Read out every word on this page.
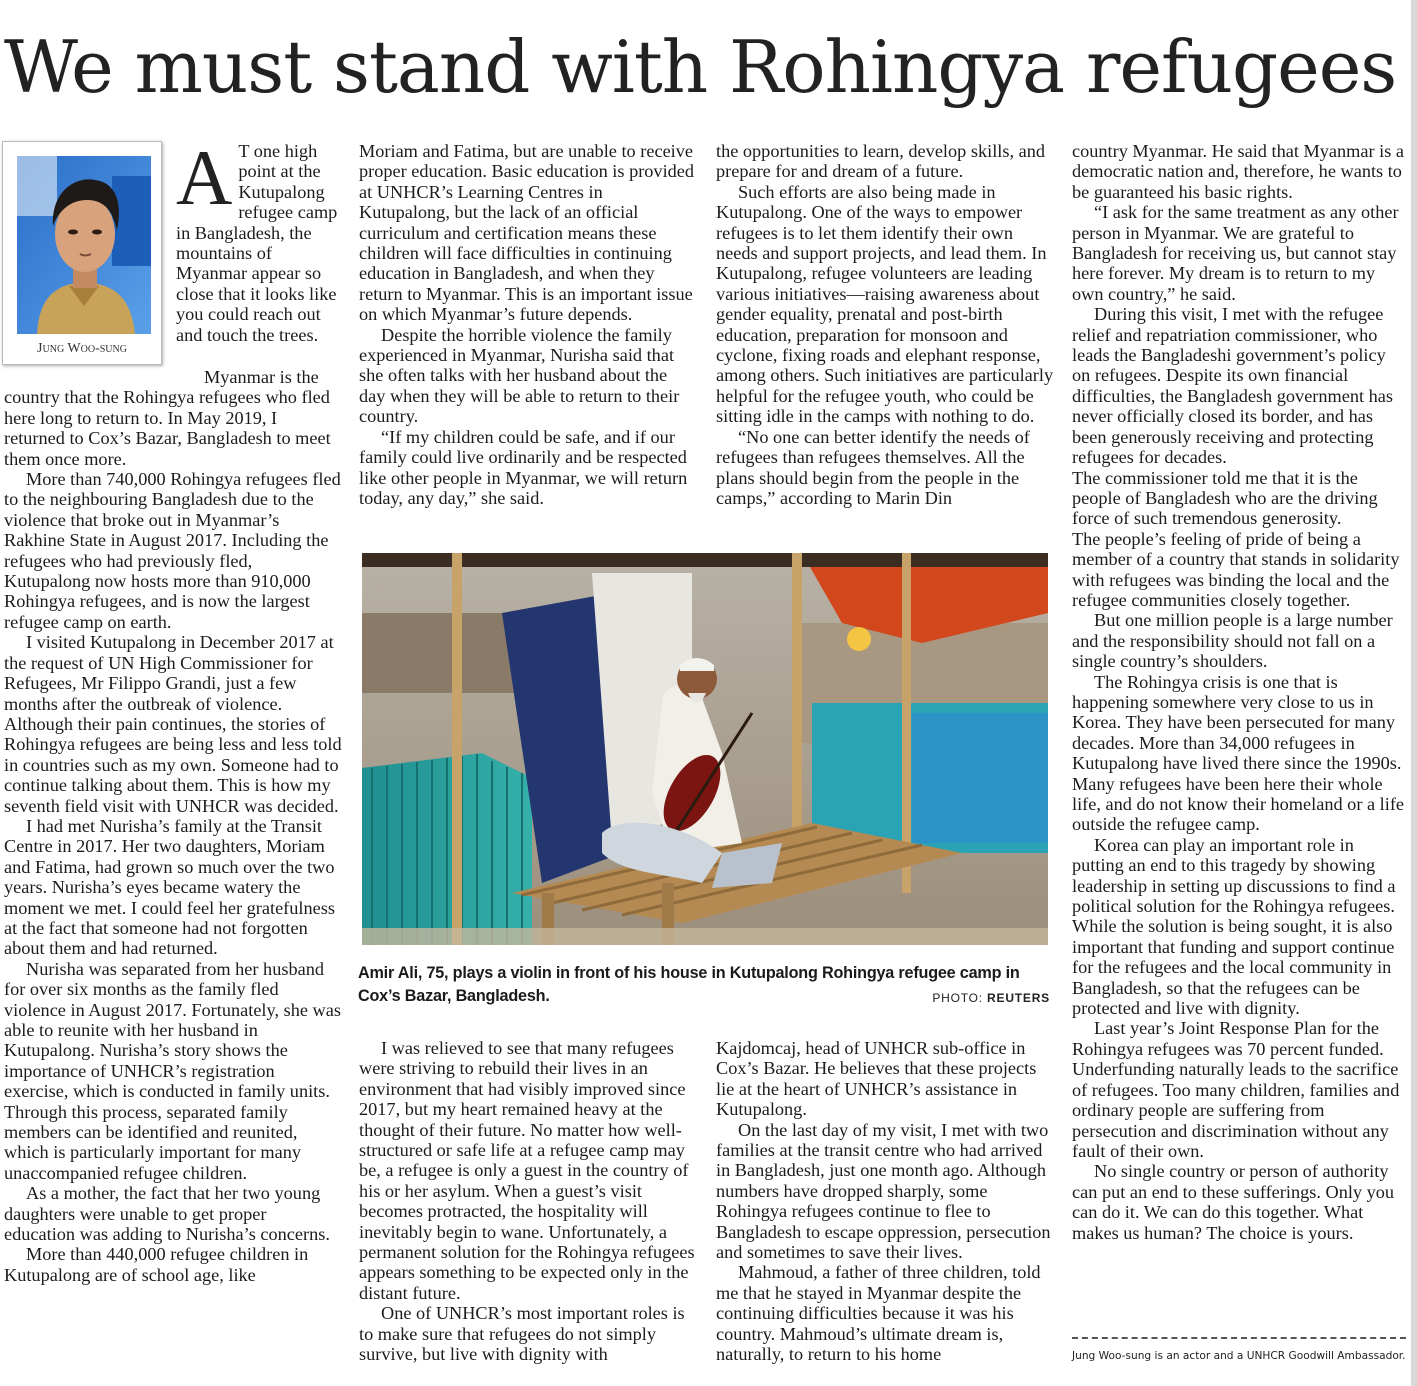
We must stand with Rohingya refugees
Jung Woo-sung
A T one high point at the Kutupalong refugee camp in Bangladesh, the mountains of Myanmar appear so close that it looks like you could reach out and touch the trees.

Myanmar is the country that the Rohingya refugees who fled here long to return to. In May 2019, I returned to Cox’s Bazar, Bangladesh to meet them once more.

More than 740,000 Rohingya refugees fled to the neighbouring Bangladesh due to the violence that broke out in Myanmar’s Rakhine State in August 2017. Including the refugees who had previously fled, Kutupalong now hosts more than 910,000 Rohingya refugees, and is now the largest refugee camp on earth.

I visited Kutupalong in December 2017 at the request of UN High Commissioner for Refugees, Mr Filippo Grandi, just a few months after the outbreak of violence. Although their pain continues, the stories of Rohingya refugees are being less and less told in countries such as my own. Someone had to continue talking about them. This is how my seventh field visit with UNHCR was decided.

I had met Nurisha’s family at the Transit Centre in 2017. Her two daughters, Moriam and Fatima, had grown so much over the two years. Nurisha’s eyes became watery the moment we met. I could feel her gratefulness at the fact that someone had not forgotten about them and had returned.

Nurisha was separated from her husband for over six months as the family fled violence in August 2017. Fortunately, she was able to reunite with her husband in Kutupalong. Nurisha’s story shows the importance of UNHCR’s registration exercise, which is conducted in family units. Through this process, separated family members can be identified and reunited, which is particularly important for many unaccompanied refugee children.

As a mother, the fact that her two young daughters were unable to get proper education was adding to Nurisha’s concerns.

More than 440,000 refugee children in Kutupalong are of school age, like

Moriam and Fatima, but are unable to receive proper education. Basic education is provided at UNHCR’s Learning Centres in Kutupalong, but the lack of an official curriculum and certification means these children will face difficulties in continuing education in Bangladesh, and when they return to Myanmar. This is an important issue on which Myanmar’s future depends.

Despite the horrible violence the family experienced in Myanmar, Nurisha said that she often talks with her husband about the day when they will be able to return to their country.

“If my children could be safe, and if our family could live ordinarily and be respected like other people in Myanmar, we will return today, any day,” she said.

the opportunities to learn, develop skills, and prepare for and dream of a future.

Such efforts are also being made in Kutupalong. One of the ways to empower refugees is to let them identify their own needs and support projects, and lead them. In Kutupalong, refugee volunteers are leading various initiatives—raising awareness about gender equality, prenatal and post-birth education, preparation for monsoon and cyclone, fixing roads and elephant response, among others. Such initiatives are particularly helpful for the refugee youth, who could be sitting idle in the camps with nothing to do.

“No one can better identify the needs of refugees than refugees themselves. All the plans should begin from the people in the camps,” according to Marin Din

Amir Ali, 75, plays a violin in front of his house in Kutupalong Rohingya refugee camp in Cox’s Bazar, Bangladesh.	PHOTO: REUTERS

I was relieved to see that many refugees were striving to rebuild their lives in an environment that had visibly improved since 2017, but my heart remained heavy at the thought of their future. No matter how well-structured or safe life at a refugee camp may be, a refugee is only a guest in the country of his or her asylum. When a guest’s visit becomes protracted, the hospitality will inevitably begin to wane. Unfortunately, a permanent solution for the Rohingya refugees appears something to be expected only in the distant future.

One of UNHCR’s most important roles is to make sure that refugees do not simply survive, but live with dignity with

Kajdomcaj, head of UNHCR sub-office in Cox’s Bazar. He believes that these projects lie at the heart of UNHCR’s assistance in Kutupalong.

On the last day of my visit, I met with two families at the transit centre who had arrived in Bangladesh, just one month ago. Although numbers have dropped sharply, some Rohingya refugees continue to flee to Bangladesh to escape oppression, persecution and sometimes to save their lives.

Mahmoud, a father of three children, told me that he stayed in Myanmar despite the continuing difficulties because it was his country. Mahmoud’s ultimate dream is, naturally, to return to his home

country Myanmar. He said that Myanmar is a democratic nation and, therefore, he wants to be guaranteed his basic rights.

“I ask for the same treatment as any other person in Myanmar. We are grateful to Bangladesh for receiving us, but cannot stay here forever. My dream is to return to my own country,” he said.

During this visit, I met with the refugee relief and repatriation commissioner, who leads the Bangladeshi government’s policy on refugees. Despite its own financial difficulties, the Bangladesh government has never officially closed its border, and has been generously receiving and protecting refugees for decades.

The commissioner told me that it is the people of Bangladesh who are the driving force of such tremendous generosity.

The people’s feeling of pride of being a member of a country that stands in solidarity with refugees was binding the local and the refugee communities closely together.

But one million people is a large number and the responsibility should not fall on a single country’s shoulders.

The Rohingya crisis is one that is happening somewhere very close to us in Korea. They have been persecuted for many decades. More than 34,000 refugees in Kutupalong have lived there since the 1990s. Many refugees have been here their whole life, and do not know their homeland or a life outside the refugee camp.

Korea can play an important role in putting an end to this tragedy by showing leadership in setting up discussions to find a political solution for the Rohingya refugees. While the solution is being sought, it is also important that funding and support continue for the refugees and the local community in Bangladesh, so that the refugees can be protected and live with dignity.

Last year’s Joint Response Plan for the Rohingya refugees was 70 percent funded. Underfunding naturally leads to the sacrifice of refugees. Too many children, families and ordinary people are suffering from persecution and discrimination without any fault of their own.

No single country or person of authority can put an end to these sufferings. Only you can do it. We can do this together. What makes us human? The choice is yours.

Jung Woo-sung is an actor and a UNHCR Goodwill Ambassador.
